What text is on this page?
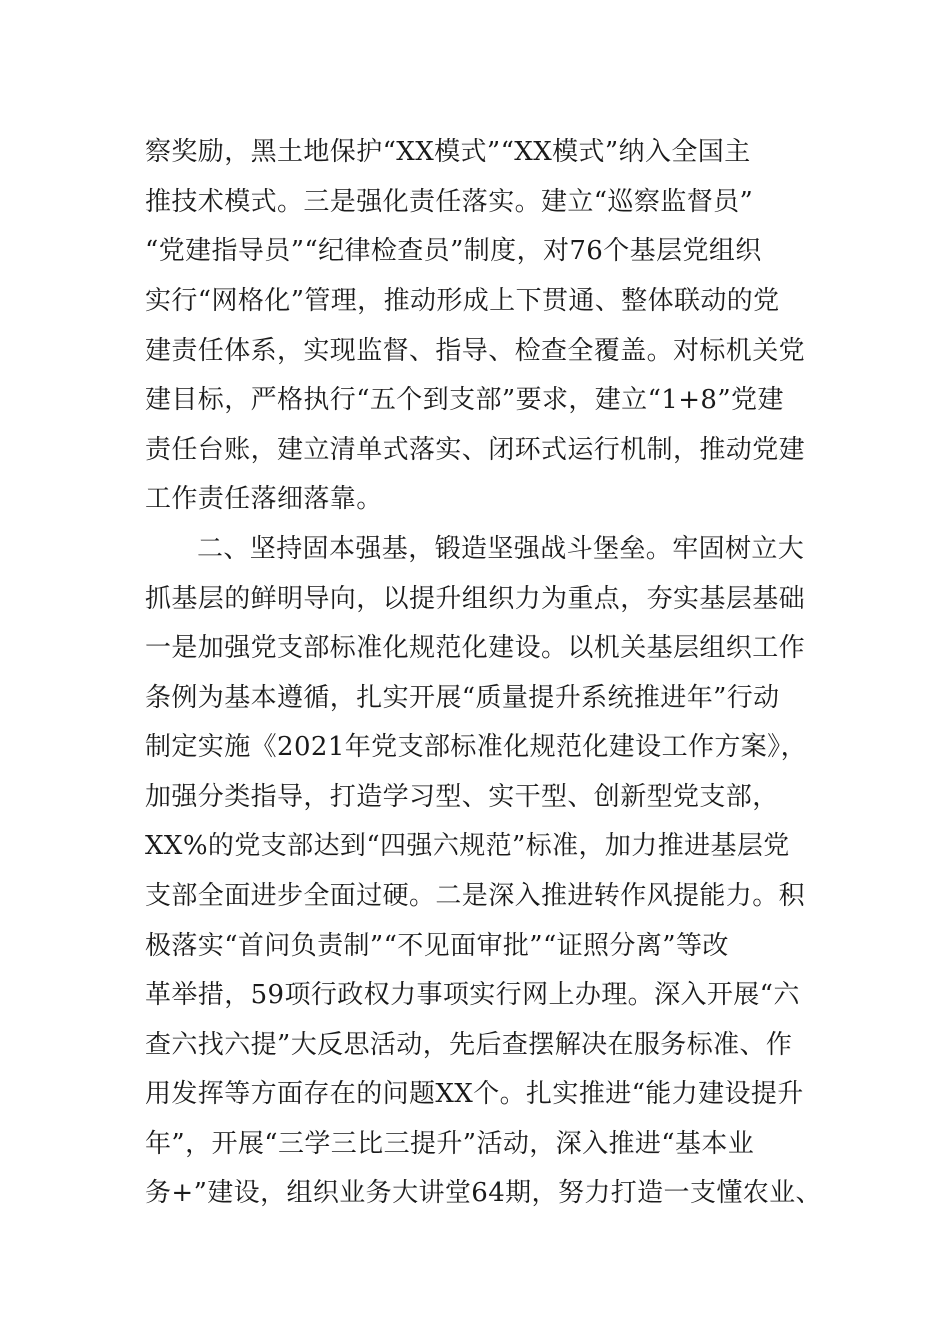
察奖励，黑土地保护“XX模式”“XX模式”纳入全国主
推技术模式。三是强化责任落实。建立“巡察监督员”
“党建指导员”“纪律检查员”制度，对76个基层党组织
实行“网格化”管理，推动形成上下贯通、整体联动的党
建责任体系，实现监督、指导、检查全覆盖。对标机关党
建目标，严格执行“五个到支部”要求，建立“1+8”党建
责任台账，建立清单式落实、闭环式运行机制，推动党建
工作责任落细落靠。
二、坚持固本强基，锻造坚强战斗堡垒。牢固树立大
抓基层的鲜明导向，以提升组织力为重点，夯实基层基础
一是加强党支部标准化规范化建设。以机关基层组织工作
条例为基本遵循，扎实开展“质量提升系统推进年”行动
制定实施《2021年党支部标准化规范化建设工作方案》，
加强分类指导，打造学习型、实干型、创新型党支部，
XX%的党支部达到“四强六规范”标准，加力推进基层党
支部全面进步全面过硬。二是深入推进转作风提能力。积
极落实“首问负责制”“不见面审批”“证照分离”等改
革举措，59项行政权力事项实行网上办理。深入开展“六
查六找六提”大反思活动，先后查摆解决在服务标准、作
用发挥等方面存在的问题XX个。扎实推进“能力建设提升
年”，开展“三学三比三提升”活动，深入推进“基本业
务+”建设，组织业务大讲堂64期，努力打造一支懂农业、
